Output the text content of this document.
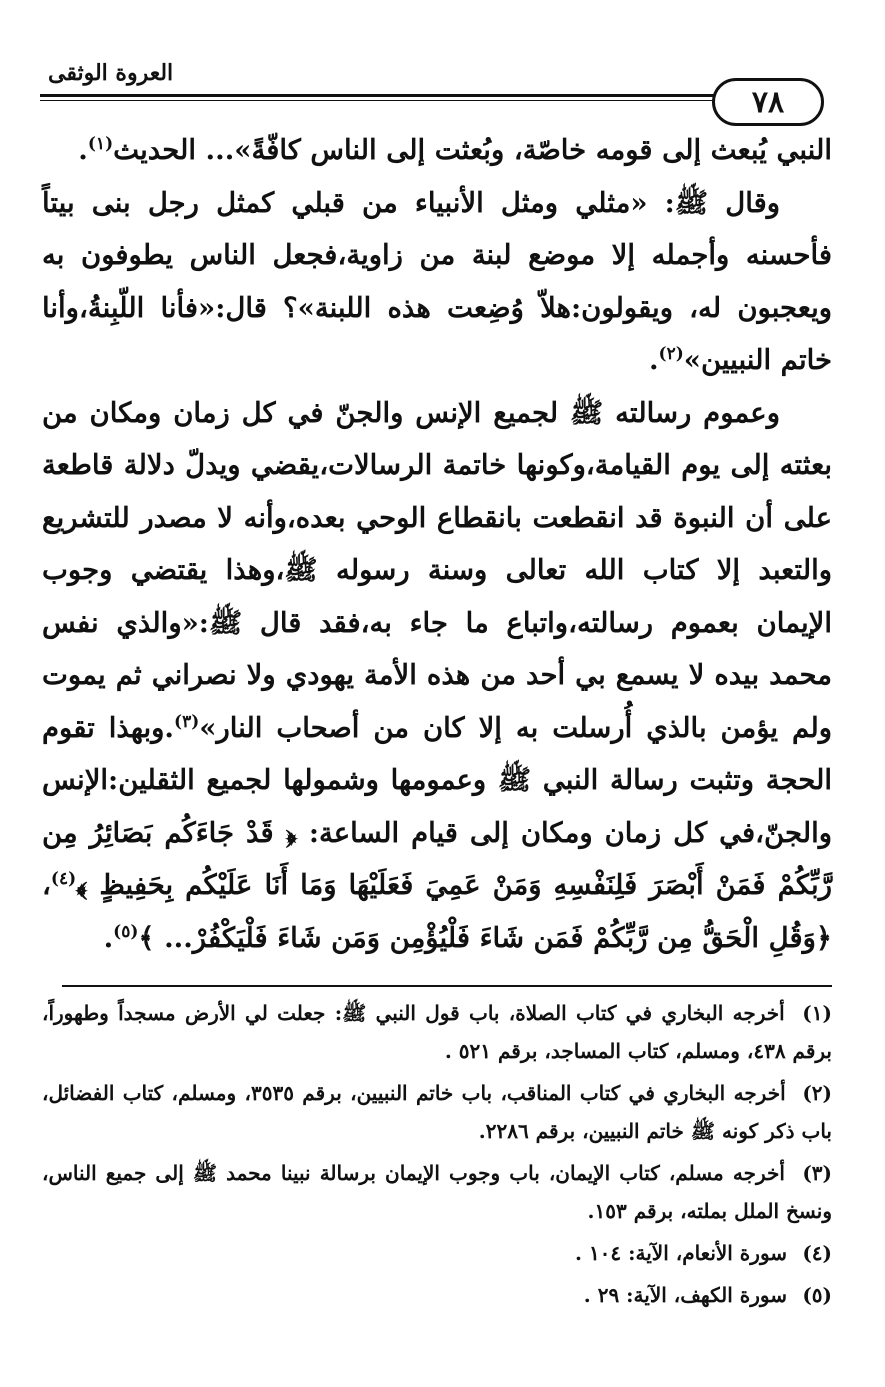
العروة الوثقى
٧٨

النبي يُبعث إلى قومه خاصّة، وبُعثت إلى الناس كافّةً»... الحديث$^{(١)}$.

وقال ﷺ: «مثلي ومثل الأنبياء من قبلي كمثل رجل بنى بيتاً فأحسنه وأجمله إلا موضع لبنة من زاوية،فجعل الناس يطوفون به ويعجبون له، ويقولون:هلاّ وُضِعت هذه اللبنة»؟ قال:«فأنا اللّبِنةُ،وأنا خاتم النبيين»$^{(٢)}$.

وعموم رسالته ﷺ لجميع الإنس والجنّ في كل زمان ومكان من بعثته إلى يوم القيامة،وكونها خاتمة الرسالات،يقضي ويدلّ دلالة قاطعة على أن النبوة قد انقطعت بانقطاع الوحي بعده،وأنه لا مصدر للتشريع والتعبد إلا كتاب الله تعالى وسنة رسوله ﷺ،وهذا يقتضي وجوب الإيمان بعموم رسالته،واتباع ما جاء به،فقد قال ﷺ:«والذي نفس محمد بيده لا يسمع بي أحد من هذه الأمة يهودي ولا نصراني ثم يموت ولم يؤمن بالذي أُرسلت به إلا كان من أصحاب النار»$^{(٣)}$.وبهذا تقوم الحجة وتثبت رسالة النبي ﷺ وعمومها وشمولها لجميع الثقلين:الإنس والجنّ،في كل زمان ومكان إلى قيام الساعة: ﴿ قَدْ جَاءَكُم بَصَائِرُ مِن رَّبِّكُمْ فَمَنْ أَبْصَرَ فَلِنَفْسِهِ وَمَنْ عَمِيَ فَعَلَيْهَا وَمَا أَنَا عَلَيْكُم بِحَفِيظٍ ﴾$^{(٤)}$،﴿وَقُلِ الْحَقُّ مِن رَّبِّكُمْ فَمَن شَاءَ فَلْيُؤْمِن وَمَن شَاءَ فَلْيَكْفُرْ... ﴾$^{(٥)}$.

(١) أخرجه البخاري في كتاب الصلاة، باب قول النبي ﷺ: جعلت لي الأرض مسجداً وطهوراً، برقم ٤٣٨، ومسلم، كتاب المساجد، برقم ٥٢١ .
(٢) أخرجه البخاري في كتاب المناقب، باب خاتم النبيين، برقم ٣٥٣٥، ومسلم، كتاب الفضائل، باب ذكر كونه ﷺ خاتم النبيين، برقم ٢٢٨٦.
(٣) أخرجه مسلم، كتاب الإيمان، باب وجوب الإيمان برسالة نبينا محمد ﷺ إلى جميع الناس، ونسخ الملل بملته، برقم ١٥٣.
(٤) سورة الأنعام، الآية: ١٠٤ .
(٥) سورة الكهف، الآية: ٢٩ .
